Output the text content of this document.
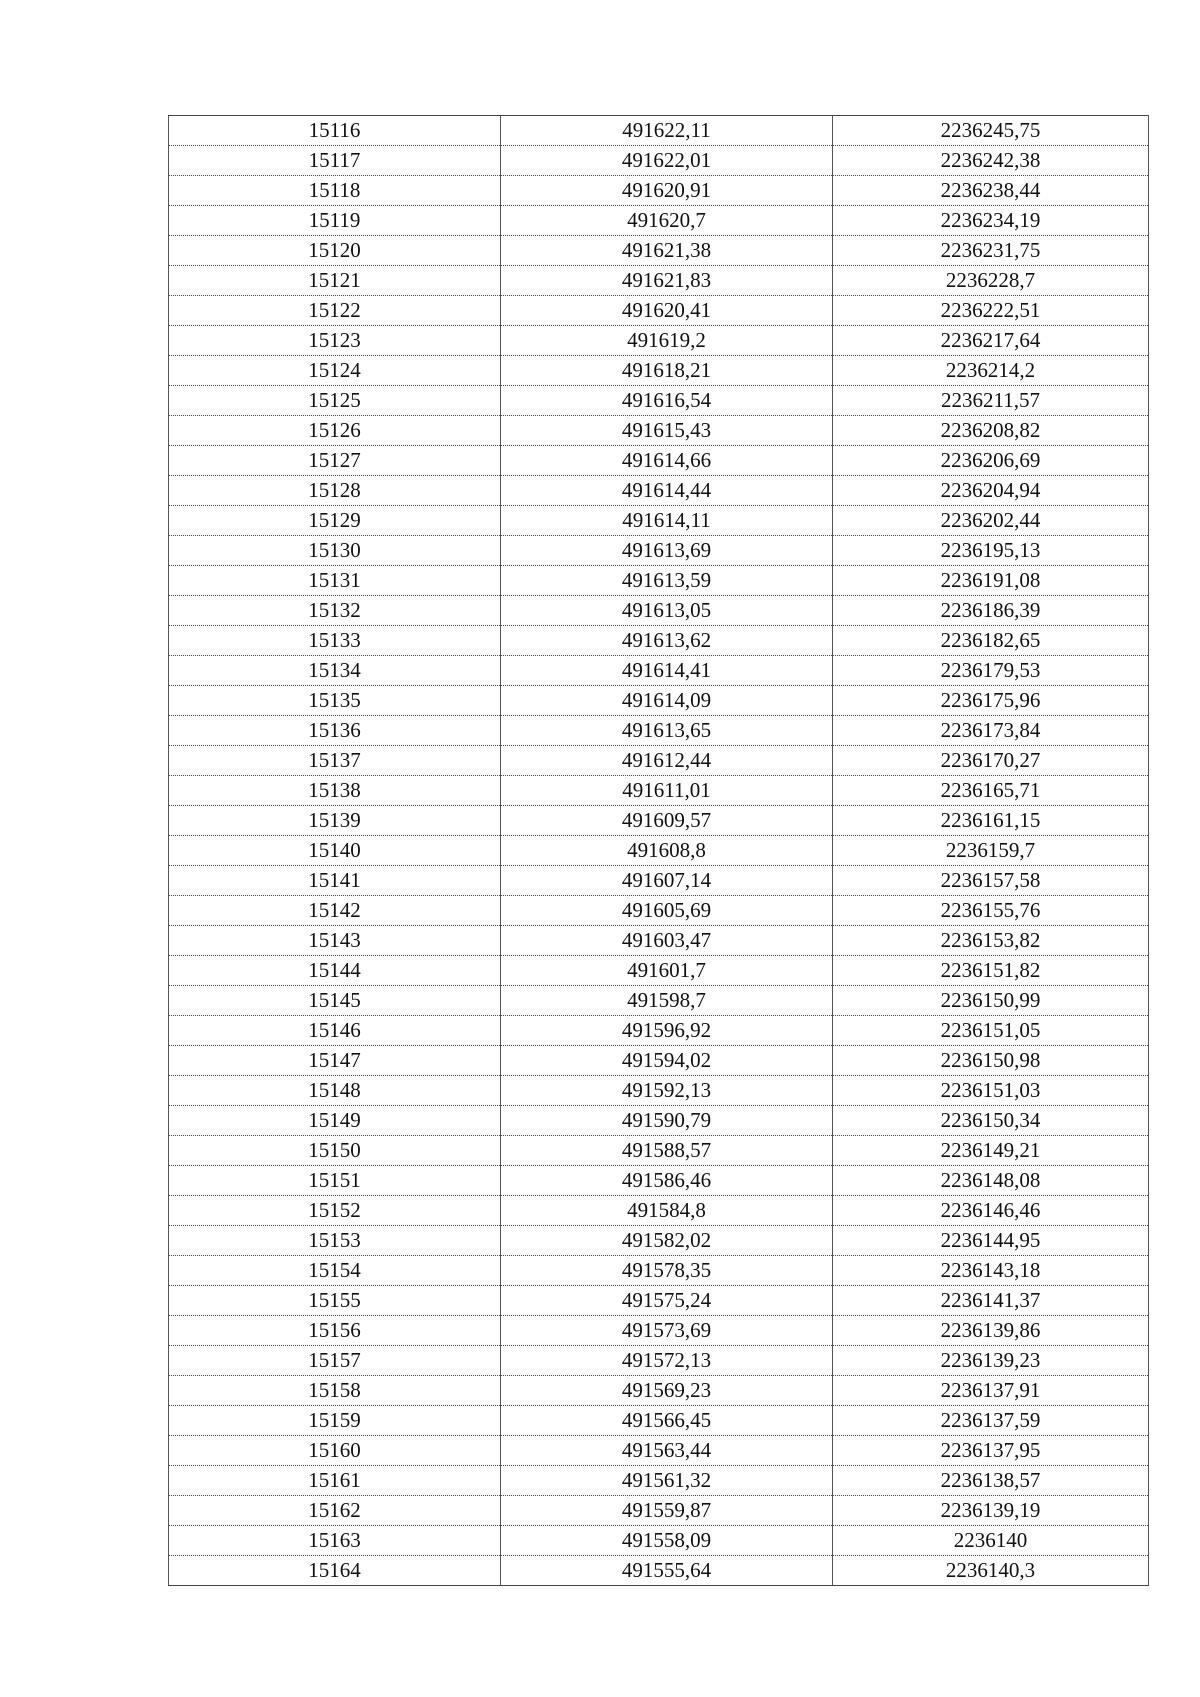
15116	491622,11	2236245,75
15117	491622,01	2236242,38
15118	491620,91	2236238,44
15119	491620,7	2236234,19
15120	491621,38	2236231,75
15121	491621,83	2236228,7
15122	491620,41	2236222,51
15123	491619,2	2236217,64
15124	491618,21	2236214,2
15125	491616,54	2236211,57
15126	491615,43	2236208,82
15127	491614,66	2236206,69
15128	491614,44	2236204,94
15129	491614,11	2236202,44
15130	491613,69	2236195,13
15131	491613,59	2236191,08
15132	491613,05	2236186,39
15133	491613,62	2236182,65
15134	491614,41	2236179,53
15135	491614,09	2236175,96
15136	491613,65	2236173,84
15137	491612,44	2236170,27
15138	491611,01	2236165,71
15139	491609,57	2236161,15
15140	491608,8	2236159,7
15141	491607,14	2236157,58
15142	491605,69	2236155,76
15143	491603,47	2236153,82
15144	491601,7	2236151,82
15145	491598,7	2236150,99
15146	491596,92	2236151,05
15147	491594,02	2236150,98
15148	491592,13	2236151,03
15149	491590,79	2236150,34
15150	491588,57	2236149,21
15151	491586,46	2236148,08
15152	491584,8	2236146,46
15153	491582,02	2236144,95
15154	491578,35	2236143,18
15155	491575,24	2236141,37
15156	491573,69	2236139,86
15157	491572,13	2236139,23
15158	491569,23	2236137,91
15159	491566,45	2236137,59
15160	491563,44	2236137,95
15161	491561,32	2236138,57
15162	491559,87	2236139,19
15163	491558,09	2236140
15164	491555,64	2236140,3
